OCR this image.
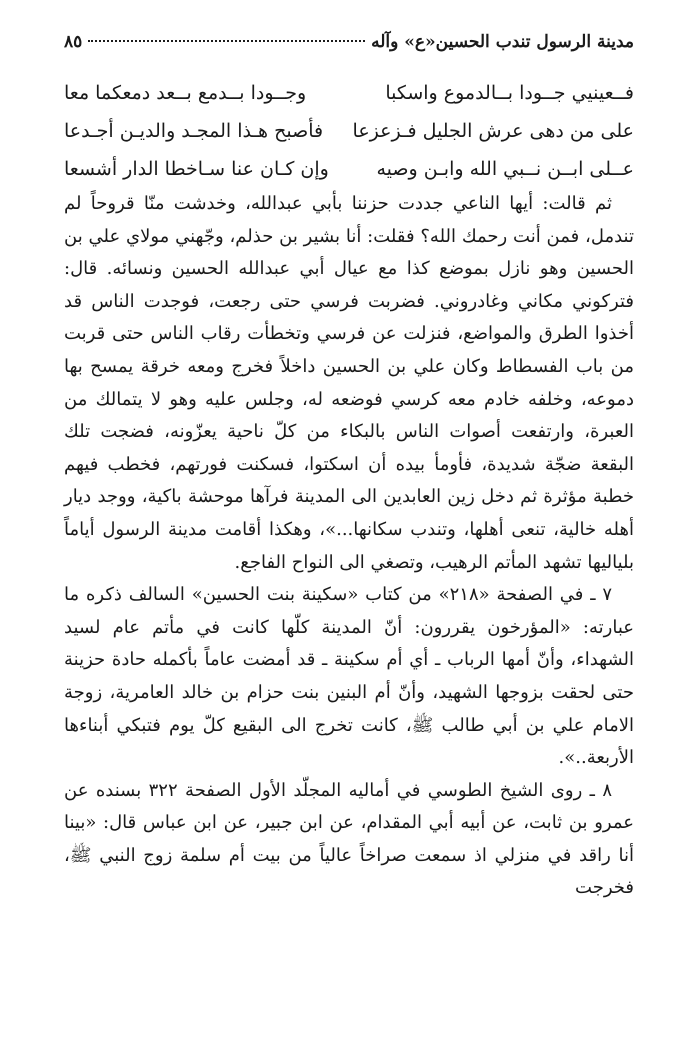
مدينة الرسول تندب الحسين«ع» وآله
٨٥
فــعينيي جــودا بــالدموع واسكبا
وجــودا بــدمع بــعد دمعكما معا
على من دهى عرش الجليل فـزعزعا
فأصبح هـذا المجـد والديـن أجـدعا
عــلى ابــن نــبي الله وابـن وصيه
وإن كـان عنا سـاخطا الدار أشسعا

ثم قالت: أيها الناعي جددت حزننا بأبي عبدالله، وخدشت منّا قروحاً لم تندمل، فمن أنت رحمك الله؟ فقلت: أنا بشير بن حذلم، وجّهني مولاي علي بن الحسين وهو نازل بموضع كذا مع عيال أبي عبدالله الحسين ونسائه. قال: فتركوني مكاني وغادروني. فضربت فرسي حتى رجعت، فوجدت الناس قد أخذوا الطرق والمواضع، فنزلت عن فرسي وتخطأت رقاب الناس حتى قربت من باب الفسطاط وكان علي بن الحسين داخلاً فخرج ومعه خرقة يمسح بها دموعه، وخلفه خادم معه كرسي فوضعه له، وجلس عليه وهو لا يتمالك من العبرة، وارتفعت أصوات الناس بالبكاء من كلّ ناحية يعزّونه، فضجت تلك البقعة ضجّة شديدة، فأومأ بيده أن اسكتوا، فسكنت فورتهم، فخطب فيهم خطبة مؤثرة ثم دخل زين العابدين الى المدينة فرآها موحشة باكية، ووجد ديار أهله خالية، تنعى أهلها، وتندب سكانها...»، وهكذا أقامت مدينة الرسول أياماً بلياليها تشهد المأتم الرهيب، وتصغي الى النواح الفاجع.

٧ ـ في الصفحة «٢١٨» من كتاب «سكينة بنت الحسين» السالف ذكره ما عبارته: «المؤرخون يقررون: أنّ المدينة كلّها كانت في مأتم عام لسيد الشهداء، وأنّ أمها الرباب ـ أي أم سكينة ـ قد أمضت عاماً بأكمله حادة حزينة حتى لحقت بزوجها الشهيد، وأنّ أم البنين بنت حزام بن خالد العامرية، زوجة الامام علي بن أبي طالب ﷺ، كانت تخرج الى البقيع كلّ يوم فتبكي أبناءها الأربعة..».

٨ ـ روى الشيخ الطوسي في أماليه المجلّد الأول الصفحة ٣٢٢ بسنده عن عمرو بن ثابت، عن أبيه أبي المقدام، عن ابن جبير، عن ابن عباس قال: «بينا أنا راقد في منزلي اذ سمعت صراخاً عالياً من بيت أم سلمة زوج النبي ﷺ، فخرجت
